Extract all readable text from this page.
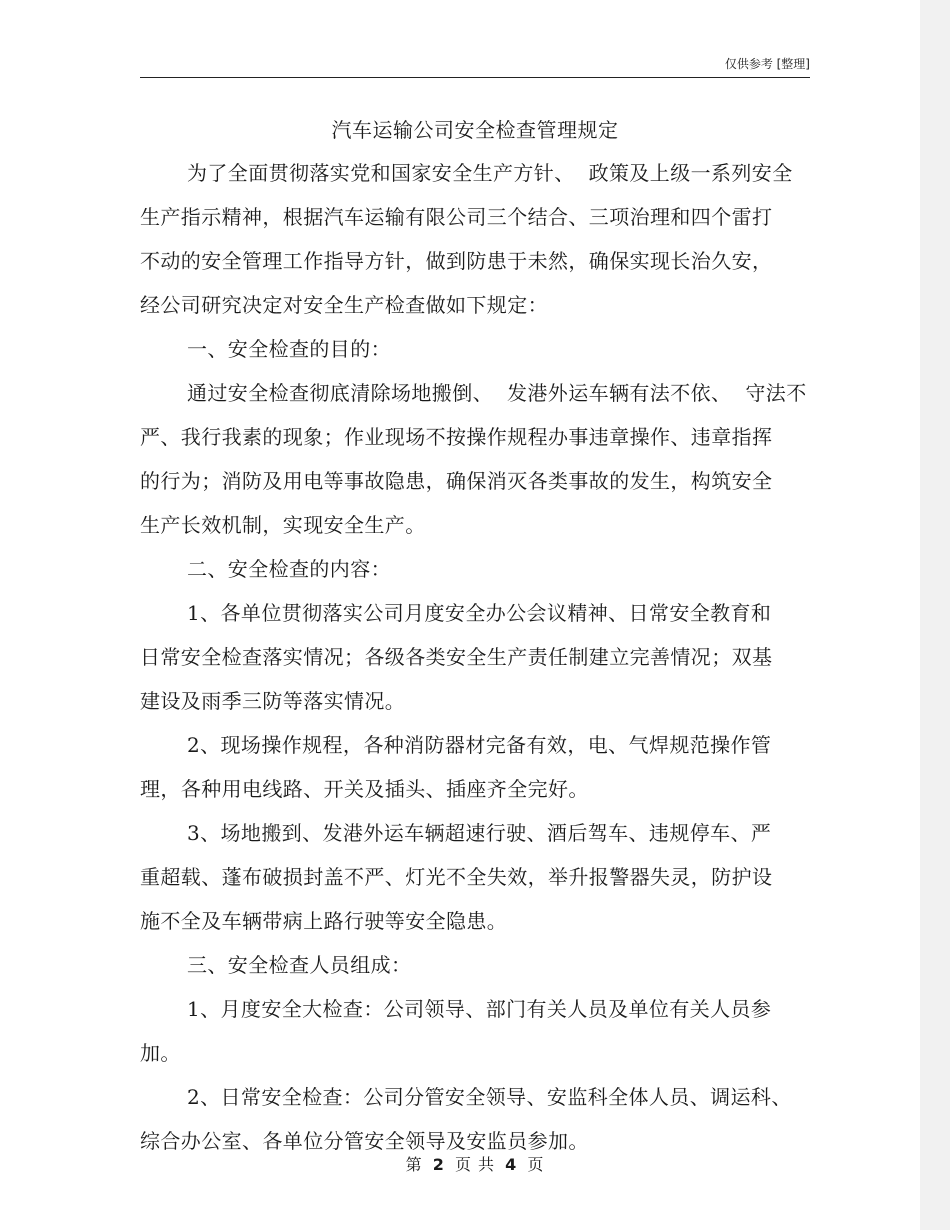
仅供参考 [整理]
汽车运输公司安全检查管理规定
为了全面贯彻落实党和国家安全生产方针、 政策及上级一系列安全
生产指示精神，根据汽车运输有限公司三个结合、三项治理和四个雷打
不动的安全管理工作指导方针，做到防患于未然，确保实现长治久安，
经公司研究决定对安全生产检查做如下规定：
一、安全检查的目的：
通过安全检查彻底清除场地搬倒、 发港外运车辆有法不依、 守法不
严、我行我素的现象；作业现场不按操作规程办事违章操作、违章指挥
的行为；消防及用电等事故隐患，确保消灭各类事故的发生，构筑安全
生产长效机制，实现安全生产。
二、安全检查的内容：
1、各单位贯彻落实公司月度安全办公会议精神、日常安全教育和
日常安全检查落实情况；各级各类安全生产责任制建立完善情况；双基
建设及雨季三防等落实情况。
2、现场操作规程，各种消防器材完备有效，电、气焊规范操作管
理，各种用电线路、开关及插头、插座齐全完好。
3、场地搬到、发港外运车辆超速行驶、酒后驾车、违规停车、严
重超载、蓬布破损封盖不严、灯光不全失效，举升报警器失灵，防护设
施不全及车辆带病上路行驶等安全隐患。
三、安全检查人员组成：
1、月度安全大检查：公司领导、部门有关人员及单位有关人员参
加。
2、日常安全检查：公司分管安全领导、安监科全体人员、调运科、
综合办公室、各单位分管安全领导及安监员参加。
第 2 页 共 4 页
